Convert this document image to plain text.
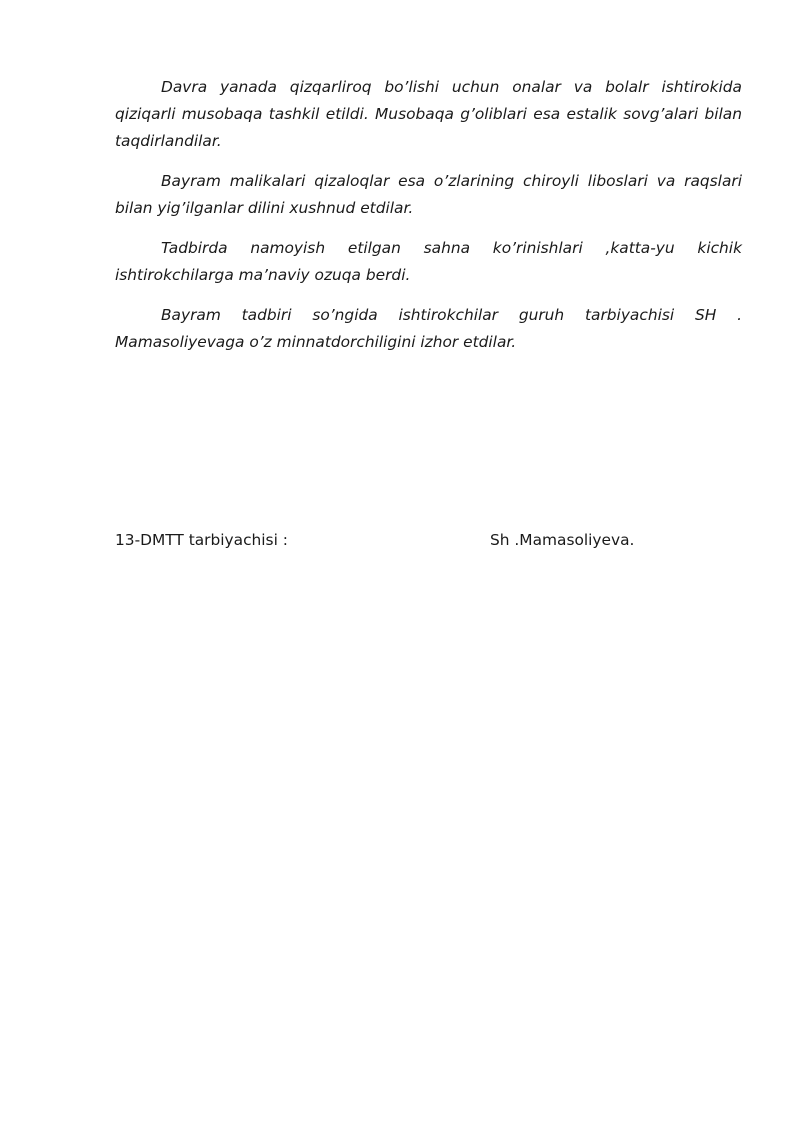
Davra yanada qizqarliroq bo’lishi uchun onalar va bolalr ishtirokida qiziqarli musobaqa tashkil etildi. Musobaqa g’oliblari esa estalik sovg’alari bilan taqdirlandilar.

Bayram malikalari qizaloqlar esa o’zlarining chiroyli liboslari va raqslari bilan yig’ilganlar dilini xushnud etdilar.

Tadbirda namoyish etilgan sahna ko’rinishlari ,katta-yu kichik ishtirokchilarga ma’naviy ozuqa berdi.

Bayram tadbiri so’ngida ishtirokchilar guruh tarbiyachisi SH . Mamasoliyevaga o’z minnatdorchiligini izhor etdilar.

13-DMTT tarbiyachisi :	Sh .Mamasoliyeva.
